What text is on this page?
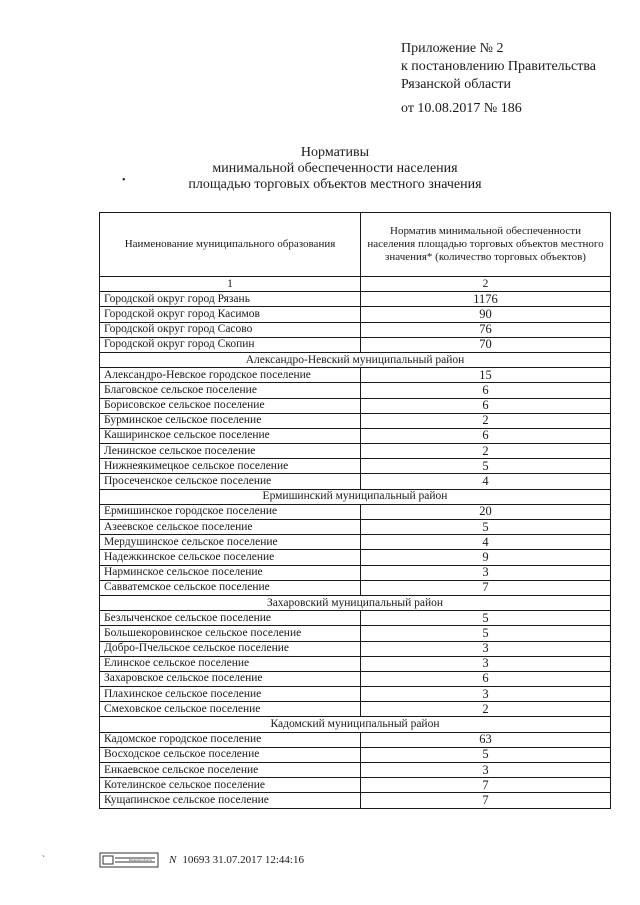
Приложение № 2
к постановлению Правительства
Рязанской области
от 10.08.2017 № 186
Нормативы
минимальной обеспеченности населения
площадью торговых объектов местного значения
•
Наименование муниципального образования	Норматив минимальной обеспеченности населения площадью торговых объектов местного значения* (количество торговых объектов)
1	2
Городской округ город Рязань	1176
Городской округ город Касимов	90
Городской округ город Сасово	76
Городской округ город Скопин	70
Александро-Невский муниципальный район	
Александро-Невское городское поселение	15
Благовское сельское поселение	6
Борисовское сельское поселение	6
Бурминское сельское поселение	2
Каширинское сельское поселение	6
Ленинское сельское поселение	2
Нижнеякимецкое сельское поселение	5
Просеченское сельское поселение	4
Ермишинский муниципальный район	
Ермишинское городское поселение	20
Азеевское сельское поселение	5
Мердушинское сельское поселение	4
Надежкинское сельское поселение	9
Нарминское сельское поселение	3
Савватемское сельское поселение	7
Захаровский муниципальный район	
Безлыченское сельское поселение	5
Большекоровинское сельское поселение	5
Добро-Пчельское сельское поселение	3
Елинское сельское поселение	3
Захаровское сельское поселение	6
Плахинское сельское поселение	3
Смеховское сельское поселение	2
Кадомский муниципальный район	
Кадомское городское поселение	63
Восходское сельское поселение	5
Енкаевское сельское поселение	3
Котелинское сельское поселение	7
Кущапинское сельское поселение	7
ˏ
Рязанская область N 10693 31.07.2017 12:44:16
